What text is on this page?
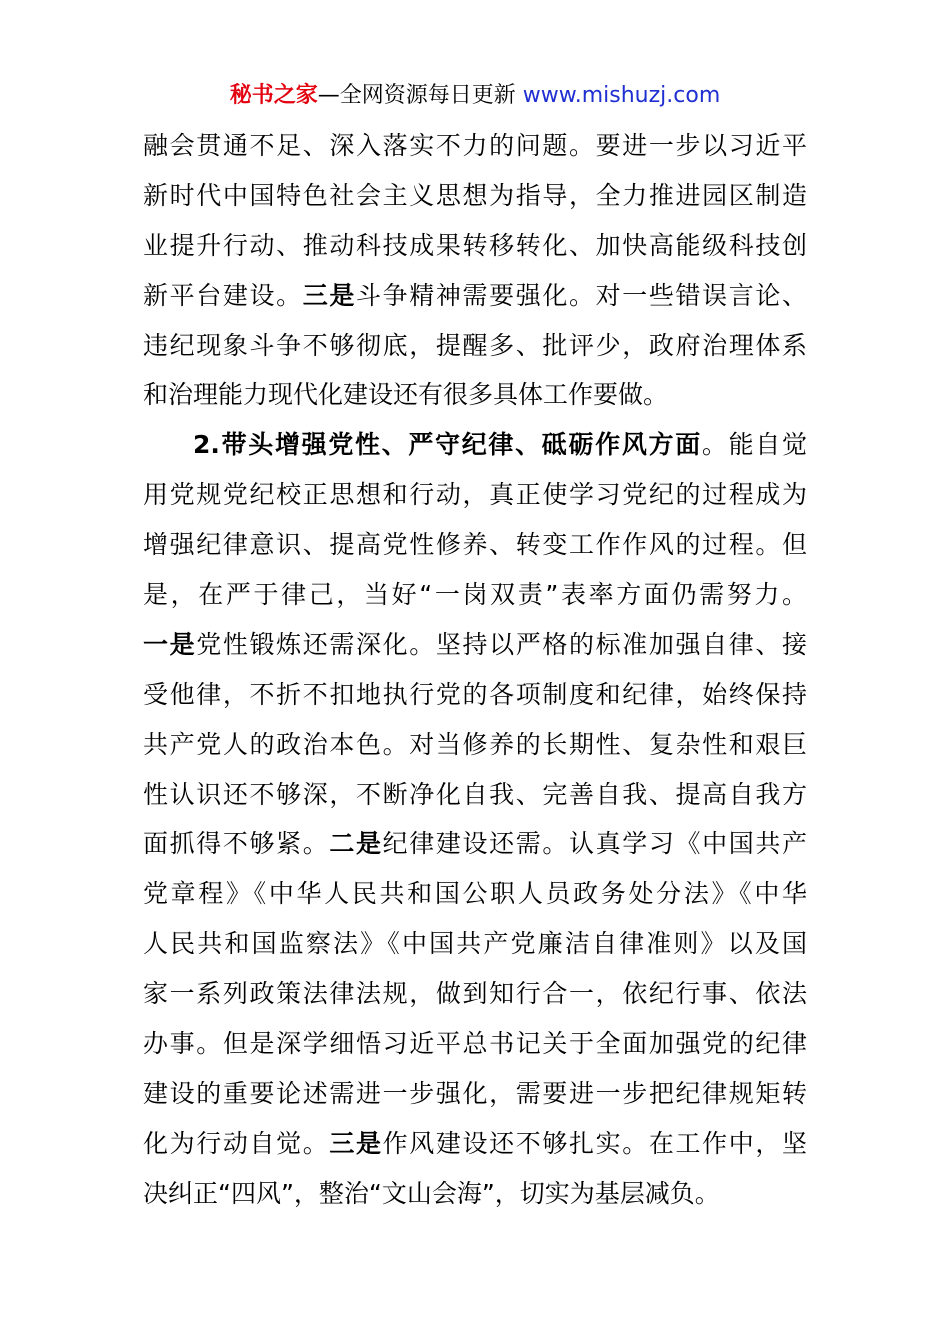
秘书之家—全网资源每日更新 www.mishuzj.com
融会贯通不足、深入落实不力的问题。要进一步以习近平
新时代中国特色社会主义思想为指导，全力推进园区制造
业提升行动、推动科技成果转移转化、加快高能级科技创
新平台建设。三是斗争精神需要强化。对一些错误言论、
违纪现象斗争不够彻底，提醒多、批评少，政府治理体系
和治理能力现代化建设还有很多具体工作要做。
2.带头增强党性、严守纪律、砥砺作风方面。能自觉
用党规党纪校正思想和行动，真正使学习党纪的过程成为
增强纪律意识、提高党性修养、转变工作作风的过程。但
是，在严于律己，当好“一岗双责”表率方面仍需努力。
一是党性锻炼还需深化。坚持以严格的标准加强自律、接
受他律，不折不扣地执行党的各项制度和纪律，始终保持
共产党人的政治本色。对当修养的长期性、复杂性和艰巨
性认识还不够深，不断净化自我、完善自我、提高自我方
面抓得不够紧。二是纪律建设还需。认真学习《中国共产
党章程》《中华人民共和国公职人员政务处分法》《中华
人民共和国监察法》《中国共产党廉洁自律准则》以及国
家一系列政策法律法规，做到知行合一，依纪行事、依法
办事。但是深学细悟习近平总书记关于全面加强党的纪律
建设的重要论述需进一步强化，需要进一步把纪律规矩转
化为行动自觉。三是作风建设还不够扎实。在工作中，坚
决纠正“四风”，整治“文山会海”，切实为基层减负。
